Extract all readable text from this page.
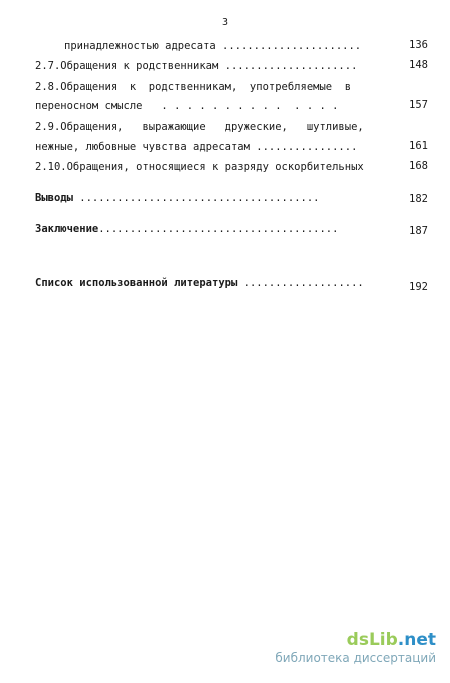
3
принадлежностью адресата ......................	136
2.7.Обращения к родственникам .....................	148
2.8.Обращения  к  родственникам,  употребляемые  в
переносном смысле   . . . . . . . . . .  . . . .	157
2.9.Обращения,   выражающие   дружеские,   шутливые,
нежные, любовные чувства адресатам ................	161
2.10.Обращения, относящиеся к разряду оскорбительных	168
Выводы ......................................	182
Заключение......................................	187
Список использованной литературы ...................	192
dsLib.net
библиотека диссертаций
